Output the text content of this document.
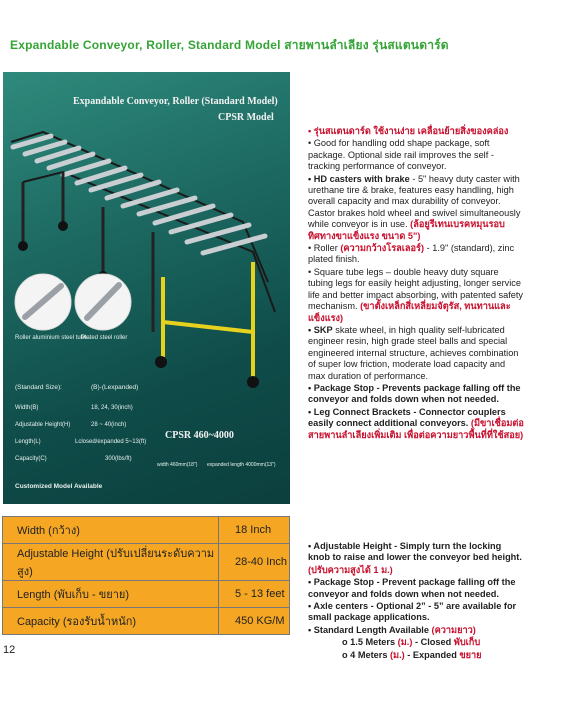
Expandable Conveyor, Roller, Standard Model สายพานลำเลียง รุ่นสแตนดาร์ด
Expandable Conveyor, Roller (Standard Model)
CPSR Model
Roller aluminium steel tube
Plated steel roller
(Standard Size):	(B)-(Lexpanded)
Width(B)	18, 24, 30(inch)
Adjustable Height(H)	28 ~ 40(inch)
Length(L)	Lclosed/expanded 5~13(ft)
Capacity(C)	300(lbs/ft)
CPSR 460~4000
width 460mm(18") expanded length 4000mm(13")
Customized Model Available
Width (กว้าง)	18 Inch
Adjustable Height (ปรับเปลี่ยนระดับความสูง)	28-40 Inch
Length (พับเก็บ - ขยาย)	5 - 13 feet
Capacity (รองรับน้ำหนัก)	450 KG/M
12

• รุ่นสแตนดาร์ด ใช้งานง่าย เคลื่อนย้ายสิ่งของคล่อง

• Good for handling odd shape package, soft package. Optional side rail improves the self - tracking performance of conveyor.

• HD casters with brake - 5" heavy duty caster with urethane tire & brake, features easy handling, high overall capacity and max durability of conveyor. Castor brakes hold wheel and swivel simultaneously while conveyor is in use. (ล้อยูรีเทนเบรคหมุนรอบทิศทางขาแข็งแรง ขนาด 5")

• Roller (ความกว้างโรลเลอร์) - 1.9" (standard), zinc plated finish.

• Square tube legs – double heavy duty square tubing legs for easily height adjusting, longer service life and better impact absorbing, with patented safety mechanism. (ขาตั้งเหล็กสี่เหลี่ยมจัตุรัส, ทนทานและแข็งแรง)

• SKP skate wheel, in high quality self-lubricated engineer resin, high grade steel balls and special engineered internal structure, achieves combination of super low friction, moderate load capacity and max duration of performance.

• Package Stop - Prevents package falling off the conveyor and folds down when not needed.

• Leg Connect Brackets - Connector couplers easily connect additional conveyors. (มีขาเชื่อมต่อสายพานลำเลียงเพิ่มเติม เพื่อต่อความยาวพื้นที่ที่ใช้สอย)

• Adjustable Height - Simply turn the locking knob to raise and lower the conveyor bed height.

(ปรับความสูงได้ 1 ม.)

• Package Stop - Prevent package falling off the conveyor and folds down when not needed.

• Axle centers - Optional 2” - 5” are available for small package applications.

• Standard Length Available (ความยาว)

o 1.5 Meters (ม.) - Closed พับเก็บ

o 4 Meters (ม.) - Expanded ขยาย
